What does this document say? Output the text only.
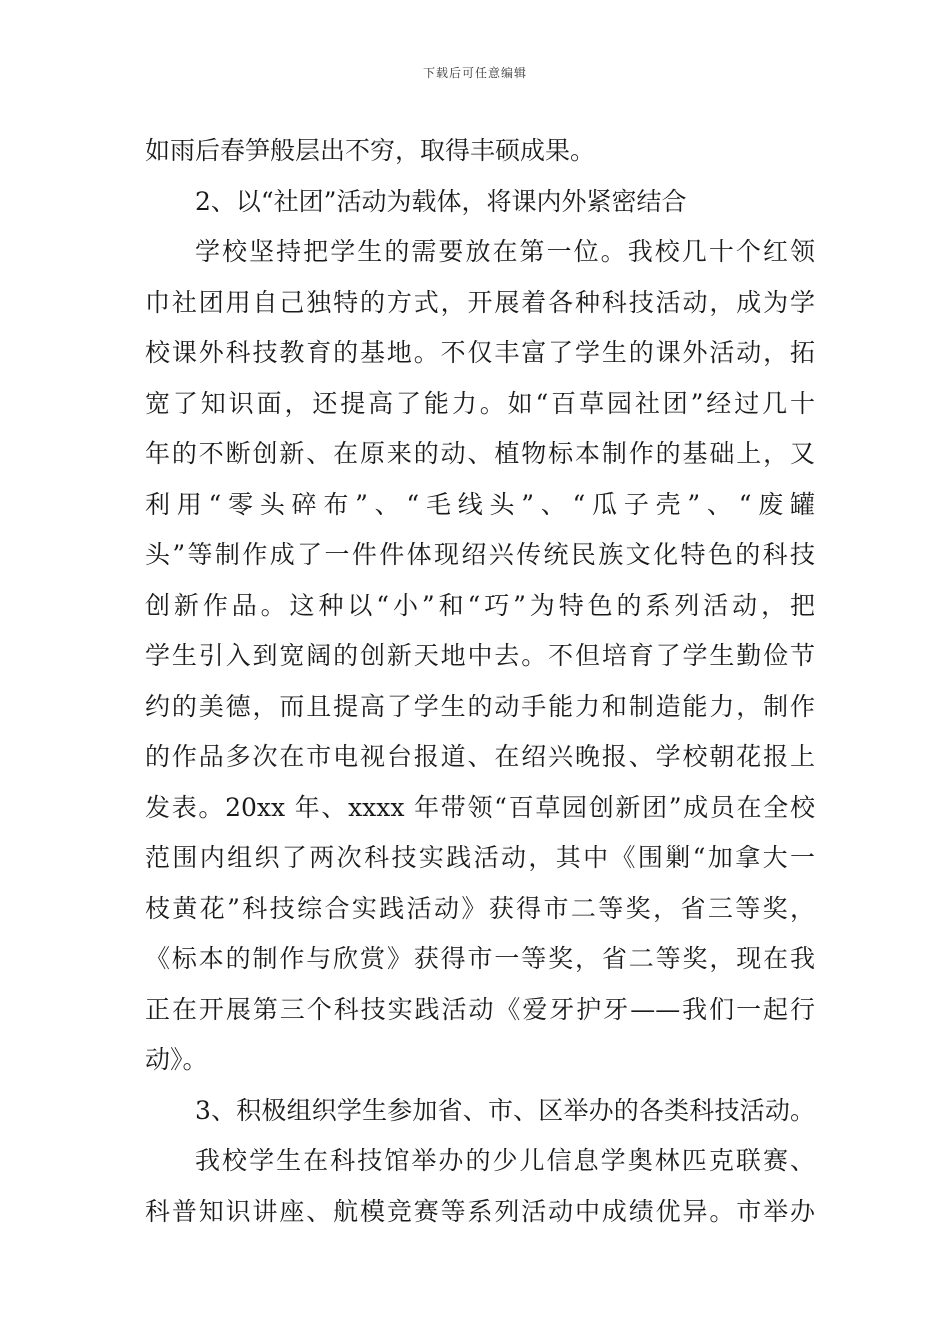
下载后可任意编辑
如雨后春笋般层出不穷，取得丰硕成果。
2、以“社团”活动为载体，将课内外紧密结合
学校坚持把学生的需要放在第一位。我校几十个红领
巾社团用自己独特的方式，开展着各种科技活动，成为学
校课外科技教育的基地。不仅丰富了学生的课外活动，拓
宽了知识面，还提高了能力。如“百草园社团”经过几十
年的不断创新、在原来的动、植物标本制作的基础上，又
利用“零头碎布”、“毛线头”、“瓜子壳”、“废罐
头”等制作成了一件件体现绍兴传统民族文化特色的科技
创新作品。这种以“小”和“巧”为特色的系列活动，把
学生引入到宽阔的创新天地中去。不但培育了学生勤俭节
约的美德，而且提高了学生的动手能力和制造能力，制作
的作品多次在市电视台报道、在绍兴晚报、学校朝花报上
发表。20xx 年、xxxx 年带领“百草园创新团”成员在全校
范围内组织了两次科技实践活动，其中《围剿“加拿大一
枝黄花”科技综合实践活动》获得市二等奖，省三等奖，
《标本的制作与欣赏》获得市一等奖，省二等奖，现在我
正在开展第三个科技实践活动《爱牙护牙——我们一起行
动》。
3、积极组织学生参加省、市、区举办的各类科技活动。
我校学生在科技馆举办的少儿信息学奥林匹克联赛、
科普知识讲座、航模竞赛等系列活动中成绩优异。市举办
